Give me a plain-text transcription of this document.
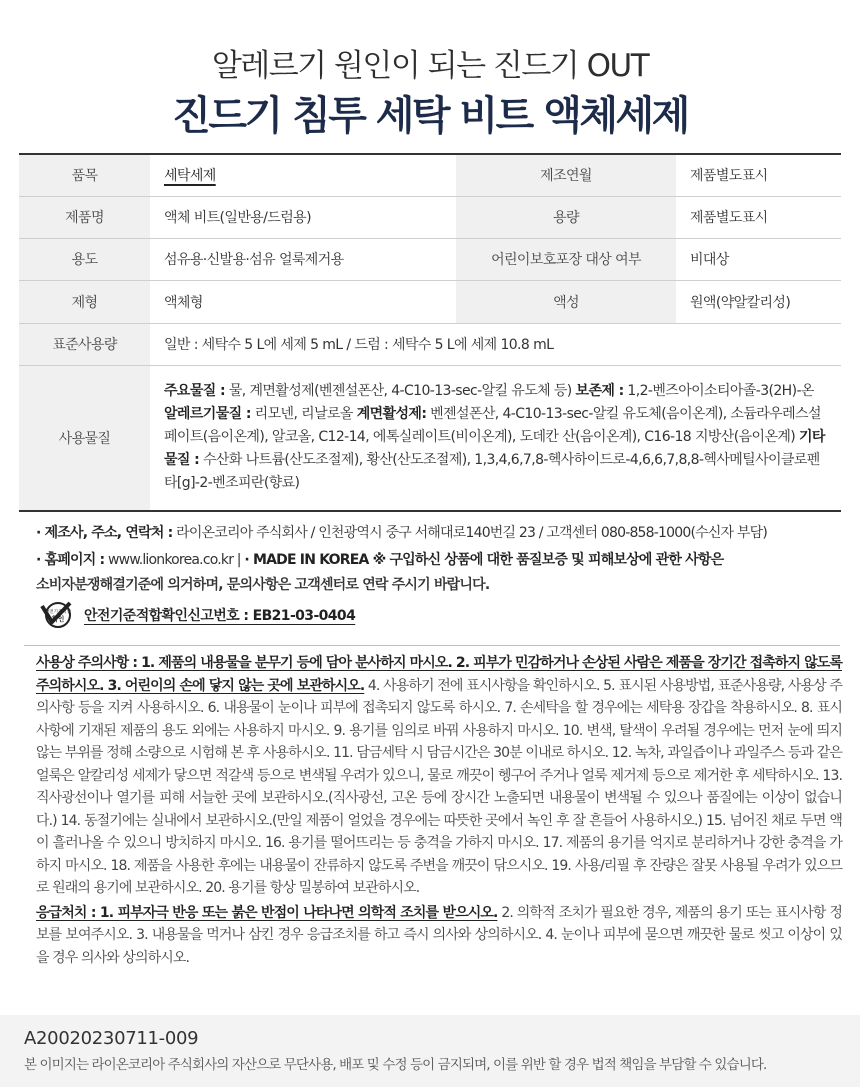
알레르기 원인이 되는 진드기 OUT
진드기 침투 세탁 비트 액체세제
품목	세탁세제	제조연월	제품별도표시
제품명	액체 비트(일반용/드럼용)	용량	제품별도표시
용도	섬유용·신발용·섬유 얼룩제거용	어린이보호포장 대상 여부	비대상
제형	액체형	액성	원액(약알칼리성)
표준사용량	일반 : 세탁수 5 L에 세제 5 mL / 드럼 : 세탁수 5 L에 세제 10.8 mL		
사용물질	주요물질 : 물, 계면활성제(벤젠설폰산, 4-C10-13-sec-알킬 유도체 등) 보존제 : 1,2-벤즈아이소티아졸-3(2H)-온 알레르기물질 : 리모넨, 리날로올 계면활성제: 벤젠설폰산, 4-C10-13-sec-알킬 유도체(음이온계), 소듐라우레스설페이트(음이온계), 알코올, C12-14, 에톡실레이트(비이온계), 도데칸 산(음이온계), C16-18 지방산(음이온계) 기타물질 : 수산화 나트륨(산도조절제), 황산(산도조절제), 1,3,4,6,7,8-헥사하이드로-4,6,6,7,8,8-헥사메틸사이클로펜타[g]-2-벤조피란(향료)		
· 제조사, 주소, 연락처 : 라이온코리아 주식회사 / 인천광역시 중구 서해대로140번길 23 / 고객센터 080-858-1000(수신자 부담)
· 홈페이지 : www.lionkorea.co.kr | · MADE IN KOREA ※ 구입하신 상품에 대한 품질보증 및 피해보상에 관한 사항은
소비자분쟁해결기준에 의거하며, 문의사항은 고객센터로 연락 주시기 바랍니다.
안전기준적합
확인 안전기준적합확인신고번호 : EB21-03-0404

사용상 주의사항 : 1. 제품의 내용물을 분무기 등에 담아 분사하지 마시오. 2. 피부가 민감하거나 손상된 사람은 제품을 장기간 접촉하지 않도록 주의하시오. 3. 어린이의 손에 닿지 않는 곳에 보관하시오. 4. 사용하기 전에 표시사항을 확인하시오. 5. 표시된 사용방법, 표준사용량, 사용상 주의사항 등을 지켜 사용하시오. 6. 내용물이 눈이나 피부에 접촉되지 않도록 하시오. 7. 손세탁을 할 경우에는 세탁용 장갑을 착용하시오. 8. 표시사항에 기재된 제품의 용도 외에는 사용하지 마시오. 9. 용기를 임의로 바꿔 사용하지 마시오. 10. 변색, 탈색이 우려될 경우에는 먼저 눈에 띄지 않는 부위를 정해 소량으로 시험해 본 후 사용하시오. 11. 담금세탁 시 담금시간은 30분 이내로 하시오. 12. 녹차, 과일즙이나 과일주스 등과 같은 얼룩은 알칼리성 세제가 닿으면 적갈색 등으로 변색될 우려가 있으니, 물로 깨끗이 헹구어 주거나 얼룩 제거제 등으로 제거한 후 세탁하시오. 13. 직사광선이나 열기를 피해 서늘한 곳에 보관하시오.(직사광선, 고온 등에 장시간 노출되면 내용물이 변색될 수 있으나 품질에는 이상이 없습니다.) 14. 동절기에는 실내에서 보관하시오.(만일 제품이 얼었을 경우에는 따뜻한 곳에서 녹인 후 잘 흔들어 사용하시오.) 15. 넘어진 채로 두면 액이 흘러나올 수 있으니 방치하지 마시오. 16. 용기를 떨어뜨리는 등 충격을 가하지 마시오. 17. 제품의 용기를 억지로 분리하거나 강한 충격을 가하지 마시오. 18. 제품을 사용한 후에는 내용물이 잔류하지 않도록 주변을 깨끗이 닦으시오. 19. 사용/리필 후 잔량은 잘못 사용될 우려가 있으므로 원래의 용기에 보관하시오. 20. 용기를 항상 밀봉하여 보관하시오.

응급처치 : 1. 피부자극 반응 또는 붉은 반점이 나타나면 의학적 조치를 받으시오. 2. 의학적 조치가 필요한 경우, 제품의 용기 또는 표시사항 정보를 보여주시오. 3. 내용물을 먹거나 삼킨 경우 응급조치를 하고 즉시 의사와 상의하시오. 4. 눈이나 피부에 묻으면 깨끗한 물로 씻고 이상이 있을 경우 의사와 상의하시오.

A20020230711-009
본 이미지는 라이온코리아 주식회사의 자산으로 무단사용, 배포 및 수정 등이 금지되며, 이를 위반 할 경우 법적 책임을 부담할 수 있습니다.
